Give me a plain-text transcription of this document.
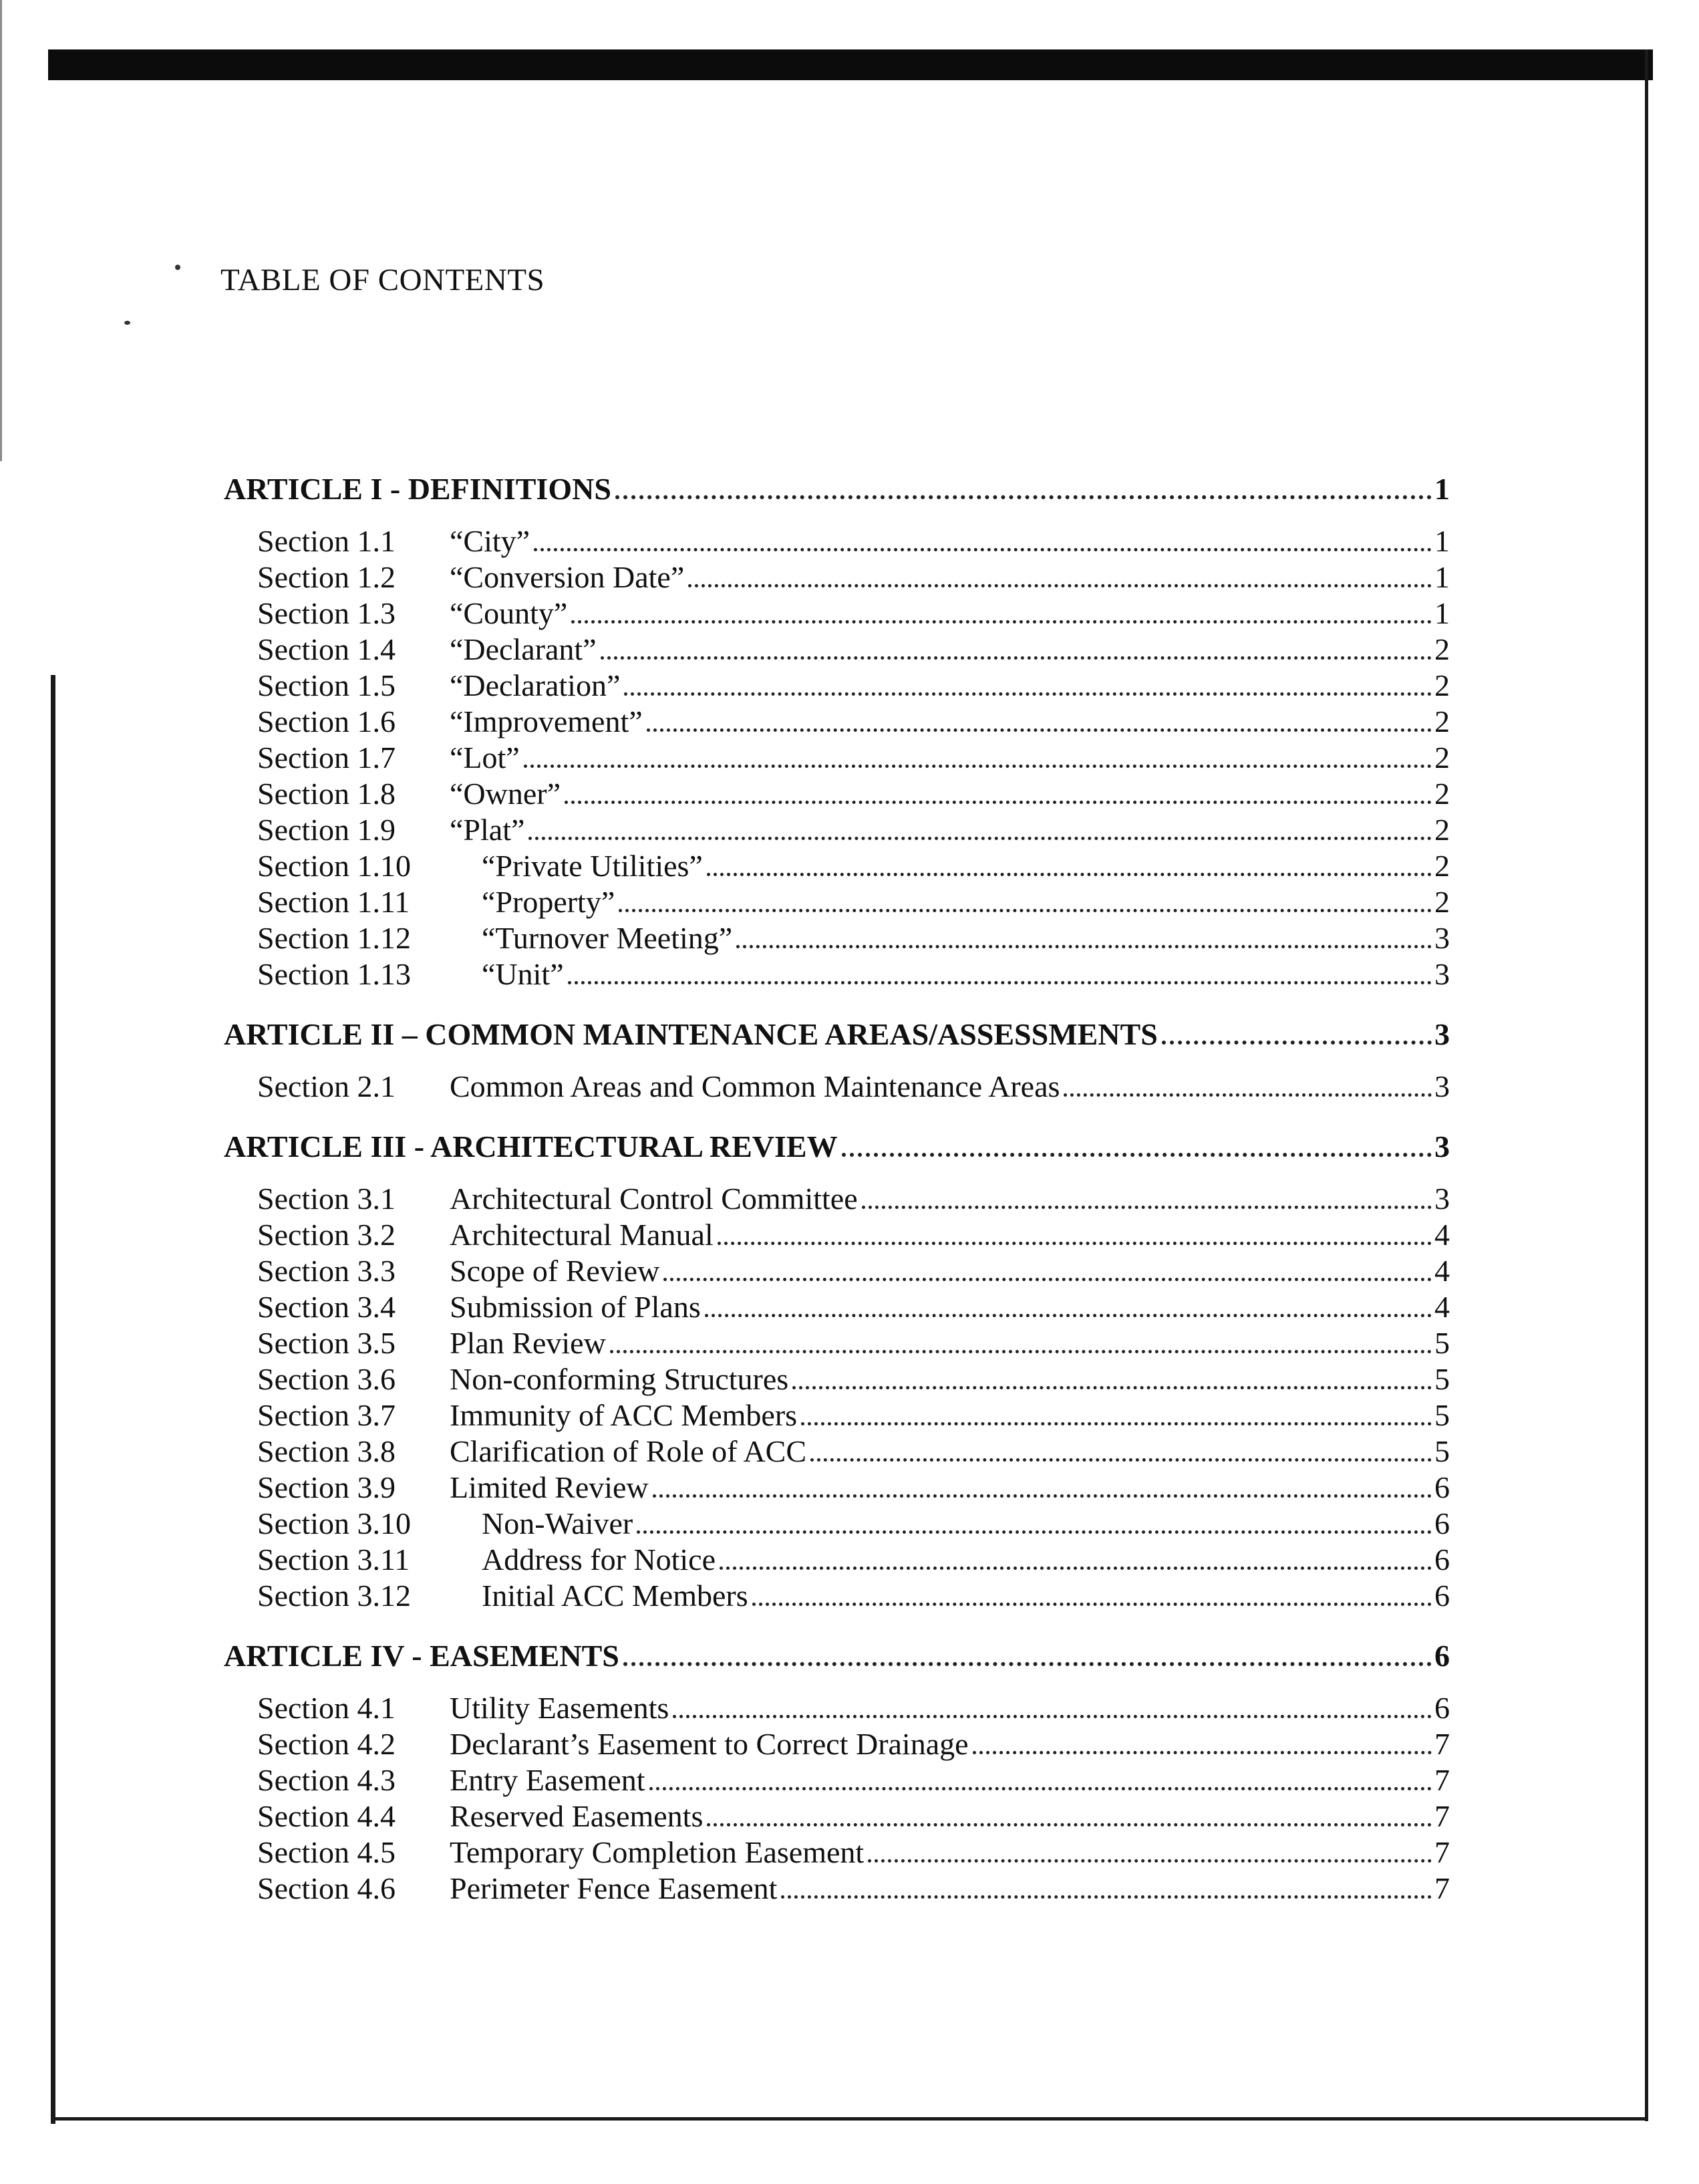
TABLE OF CONTENTS
ARTICLE I - DEFINITIONS	1
Section 1.1	“City”	1
Section 1.2	“Conversion Date”	1
Section 1.3	“County”	1
Section 1.4	“Declarant”	2
Section 1.5	“Declaration”	2
Section 1.6	“Improvement”	2
Section 1.7	“Lot”	2
Section 1.8	“Owner”	2
Section 1.9	“Plat”	2
Section 1.10	“Private Utilities”	2
Section 1.11	“Property”	2
Section 1.12	“Turnover Meeting”	3
Section 1.13	“Unit”	3
ARTICLE II – COMMON MAINTENANCE AREAS/ASSESSMENTS	3
Section 2.1	Common Areas and Common Maintenance Areas	3
ARTICLE III - ARCHITECTURAL REVIEW	3
Section 3.1	Architectural Control Committee	3
Section 3.2	Architectural Manual	4
Section 3.3	Scope of Review	4
Section 3.4	Submission of Plans	4
Section 3.5	Plan Review	5
Section 3.6	Non-conforming Structures	5
Section 3.7	Immunity of ACC Members	5
Section 3.8	Clarification of Role of ACC	5
Section 3.9	Limited Review	6
Section 3.10	Non-Waiver	6
Section 3.11	Address for Notice	6
Section 3.12	Initial ACC Members	6
ARTICLE IV - EASEMENTS	6
Section 4.1	Utility Easements	6
Section 4.2	Declarant’s Easement to Correct Drainage	7
Section 4.3	Entry Easement	7
Section 4.4	Reserved Easements	7
Section 4.5	Temporary Completion Easement	7
Section 4.6	Perimeter Fence Easement	7
